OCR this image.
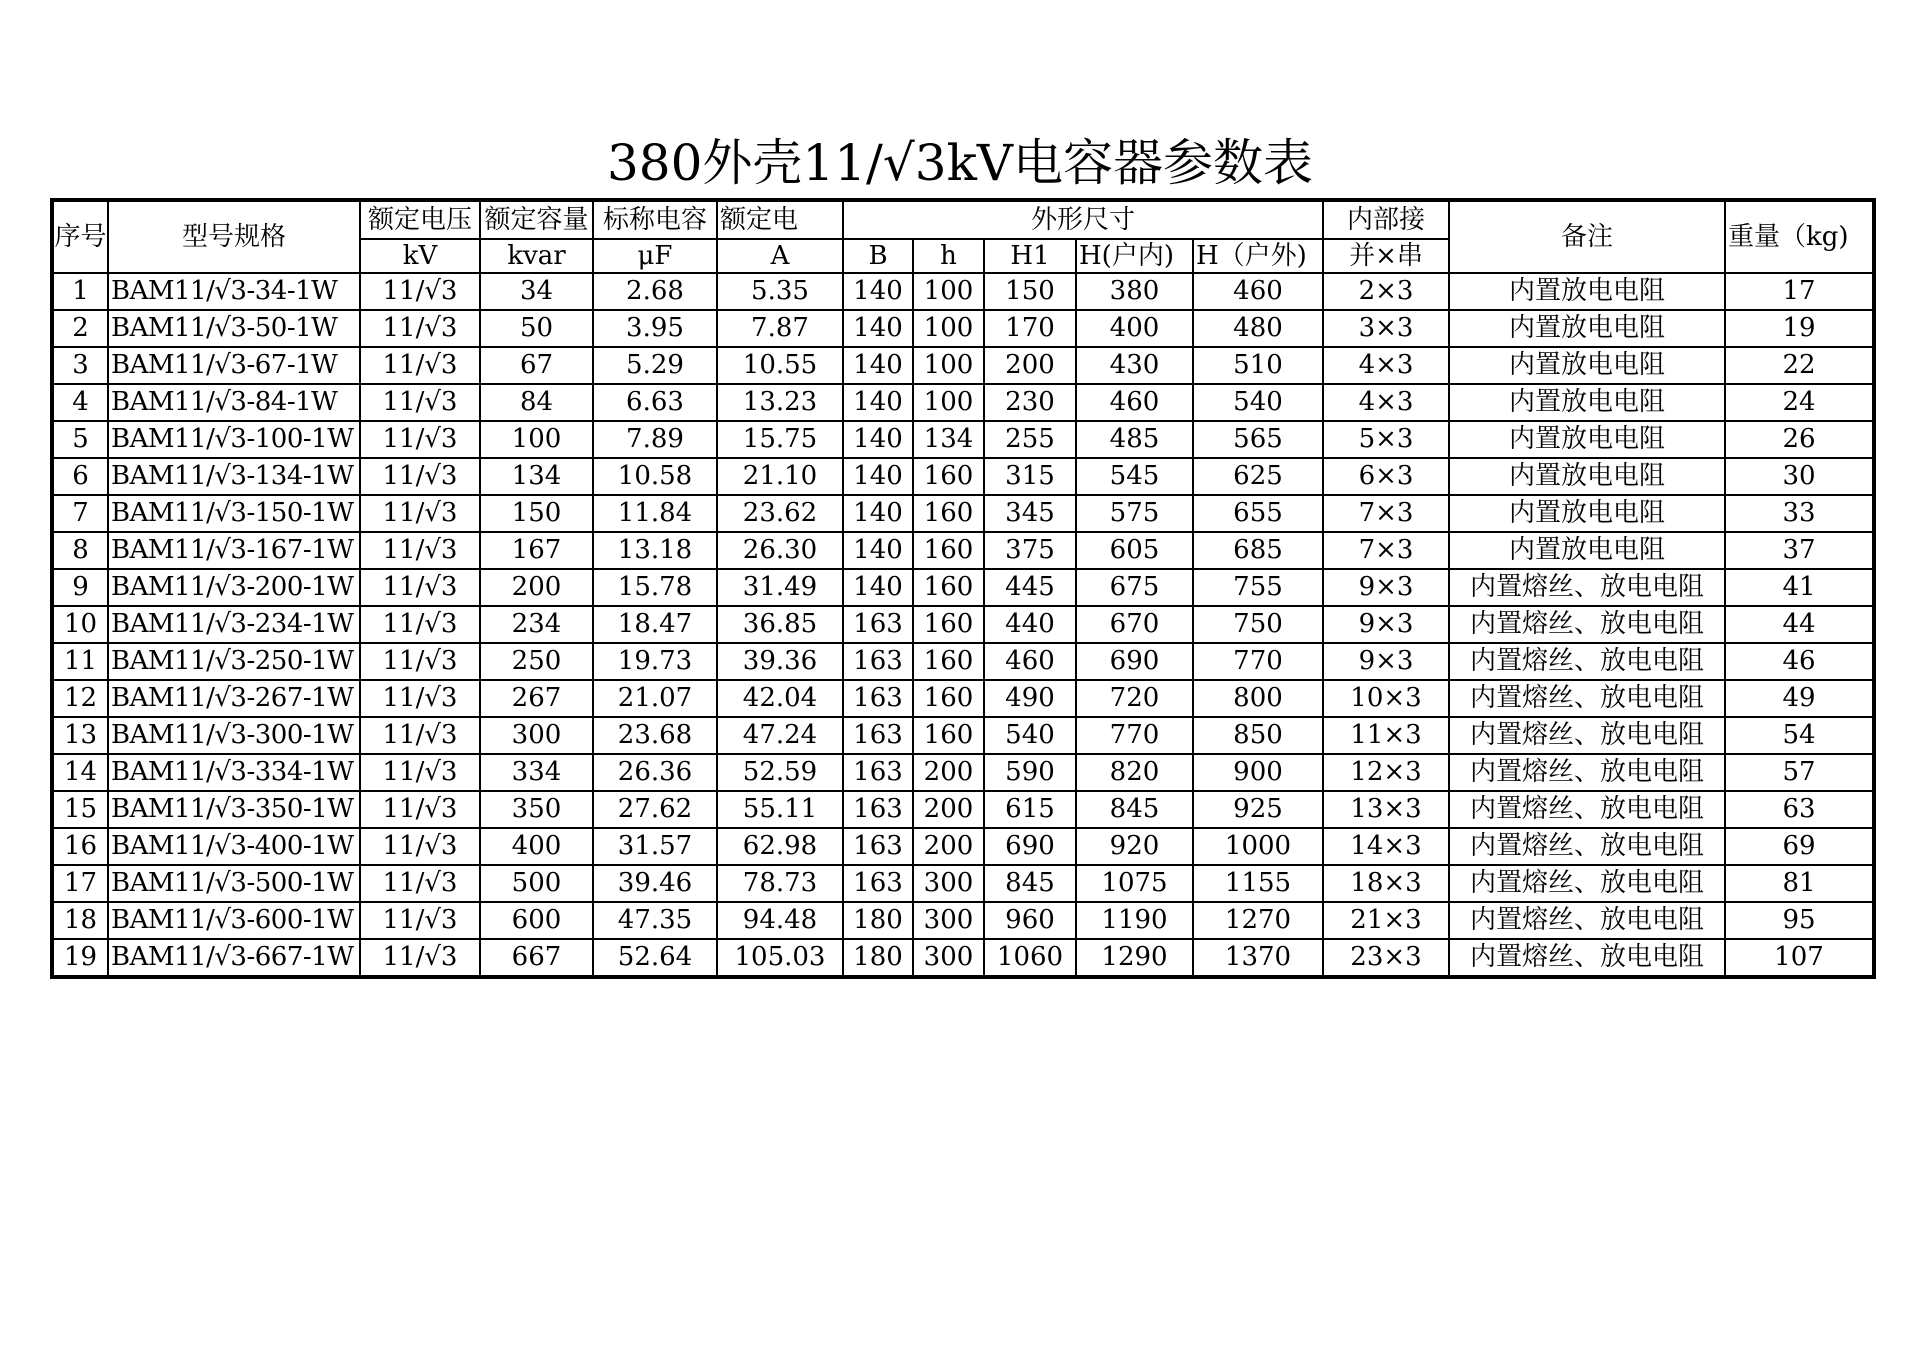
380外壳11/√3kV电容器参数表
序号	型号规格	额定电压	额定容量	标称电容	额定电	外形尺寸					内部接	备注	重量（kg)
		kV	kvar	μF	A	B	h	H1	H(户内)	H（户外)	并×串		
1	BAM11/√3-34-1W	11/√3	34	2.68	5.35	140	100	150	380	460	2×3	内置放电电阻	17
2	BAM11/√3-50-1W	11/√3	50	3.95	7.87	140	100	170	400	480	3×3	内置放电电阻	19
3	BAM11/√3-67-1W	11/√3	67	5.29	10.55	140	100	200	430	510	4×3	内置放电电阻	22
4	BAM11/√3-84-1W	11/√3	84	6.63	13.23	140	100	230	460	540	4×3	内置放电电阻	24
5	BAM11/√3-100-1W	11/√3	100	7.89	15.75	140	134	255	485	565	5×3	内置放电电阻	26
6	BAM11/√3-134-1W	11/√3	134	10.58	21.10	140	160	315	545	625	6×3	内置放电电阻	30
7	BAM11/√3-150-1W	11/√3	150	11.84	23.62	140	160	345	575	655	7×3	内置放电电阻	33
8	BAM11/√3-167-1W	11/√3	167	13.18	26.30	140	160	375	605	685	7×3	内置放电电阻	37
9	BAM11/√3-200-1W	11/√3	200	15.78	31.49	140	160	445	675	755	9×3	内置熔丝、放电电阻	41
10	BAM11/√3-234-1W	11/√3	234	18.47	36.85	163	160	440	670	750	9×3	内置熔丝、放电电阻	44
11	BAM11/√3-250-1W	11/√3	250	19.73	39.36	163	160	460	690	770	9×3	内置熔丝、放电电阻	46
12	BAM11/√3-267-1W	11/√3	267	21.07	42.04	163	160	490	720	800	10×3	内置熔丝、放电电阻	49
13	BAM11/√3-300-1W	11/√3	300	23.68	47.24	163	160	540	770	850	11×3	内置熔丝、放电电阻	54
14	BAM11/√3-334-1W	11/√3	334	26.36	52.59	163	200	590	820	900	12×3	内置熔丝、放电电阻	57
15	BAM11/√3-350-1W	11/√3	350	27.62	55.11	163	200	615	845	925	13×3	内置熔丝、放电电阻	63
16	BAM11/√3-400-1W	11/√3	400	31.57	62.98	163	200	690	920	1000	14×3	内置熔丝、放电电阻	69
17	BAM11/√3-500-1W	11/√3	500	39.46	78.73	163	300	845	1075	1155	18×3	内置熔丝、放电电阻	81
18	BAM11/√3-600-1W	11/√3	600	47.35	94.48	180	300	960	1190	1270	21×3	内置熔丝、放电电阻	95
19	BAM11/√3-667-1W	11/√3	667	52.64	105.03	180	300	1060	1290	1370	23×3	内置熔丝、放电电阻	107
